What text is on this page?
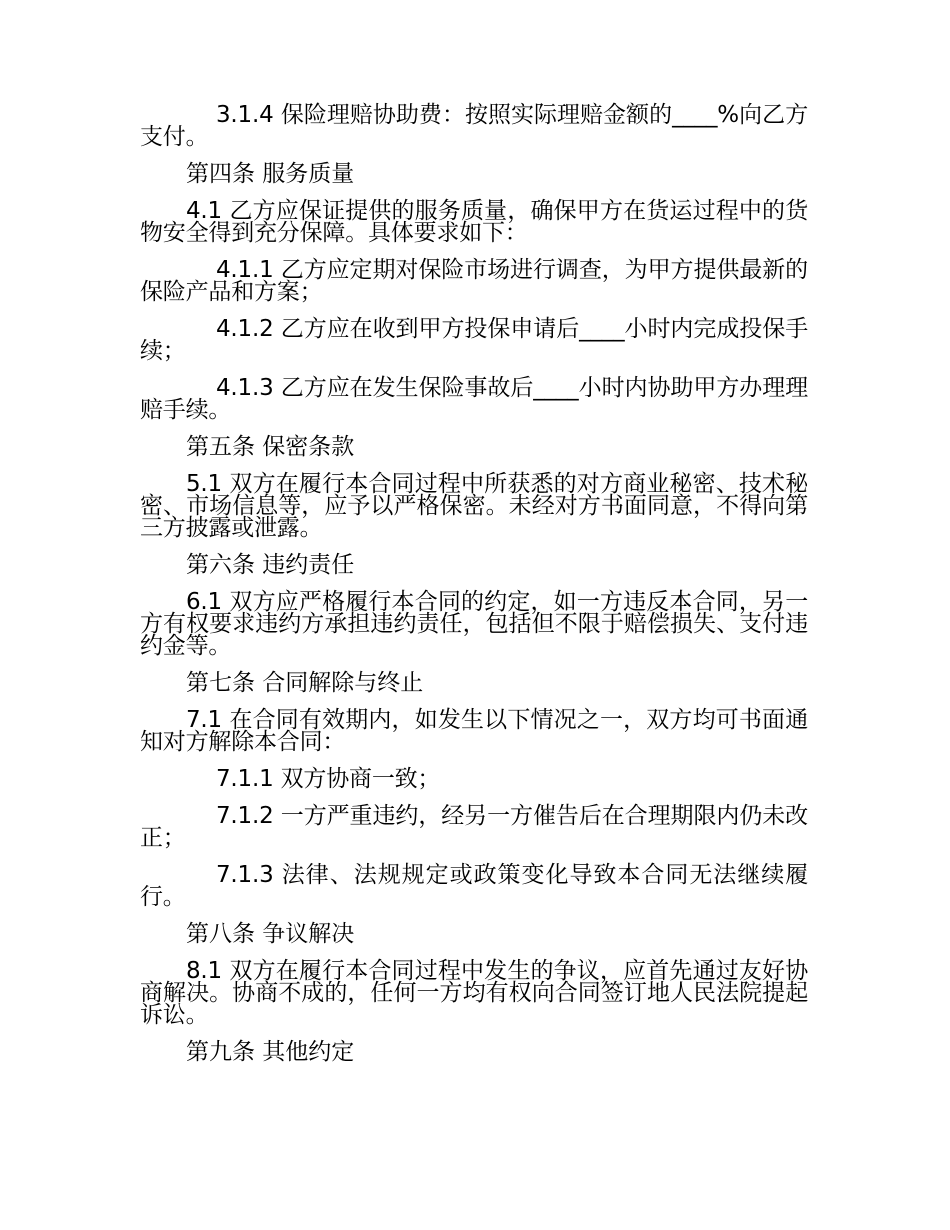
3.1.4 保险理赔协助费：按照实际理赔金额的____%向乙方支付。

第四条 服务质量

4.1 乙方应保证提供的服务质量，确保甲方在货运过程中的货物安全得到充分保障。具体要求如下：

4.1.1 乙方应定期对保险市场进行调查，为甲方提供最新的保险产品和方案；

4.1.2 乙方应在收到甲方投保申请后____小时内完成投保手续；

4.1.3 乙方应在发生保险事故后____小时内协助甲方办理理赔手续。

第五条 保密条款

5.1 双方在履行本合同过程中所获悉的对方商业秘密、技术秘密、市场信息等，应予以严格保密。未经对方书面同意，不得向第三方披露或泄露。

第六条 违约责任

6.1 双方应严格履行本合同的约定，如一方违反本合同，另一方有权要求违约方承担违约责任，包括但不限于赔偿损失、支付违约金等。

第七条 合同解除与终止

7.1 在合同有效期内，如发生以下情况之一，双方均可书面通知对方解除本合同：

7.1.1 双方协商一致；

7.1.2 一方严重违约，经另一方催告后在合理期限内仍未改正；

7.1.3 法律、法规规定或政策变化导致本合同无法继续履行。

第八条 争议解决

8.1 双方在履行本合同过程中发生的争议，应首先通过友好协商解决。协商不成的，任何一方均有权向合同签订地人民法院提起诉讼。

第九条 其他约定
